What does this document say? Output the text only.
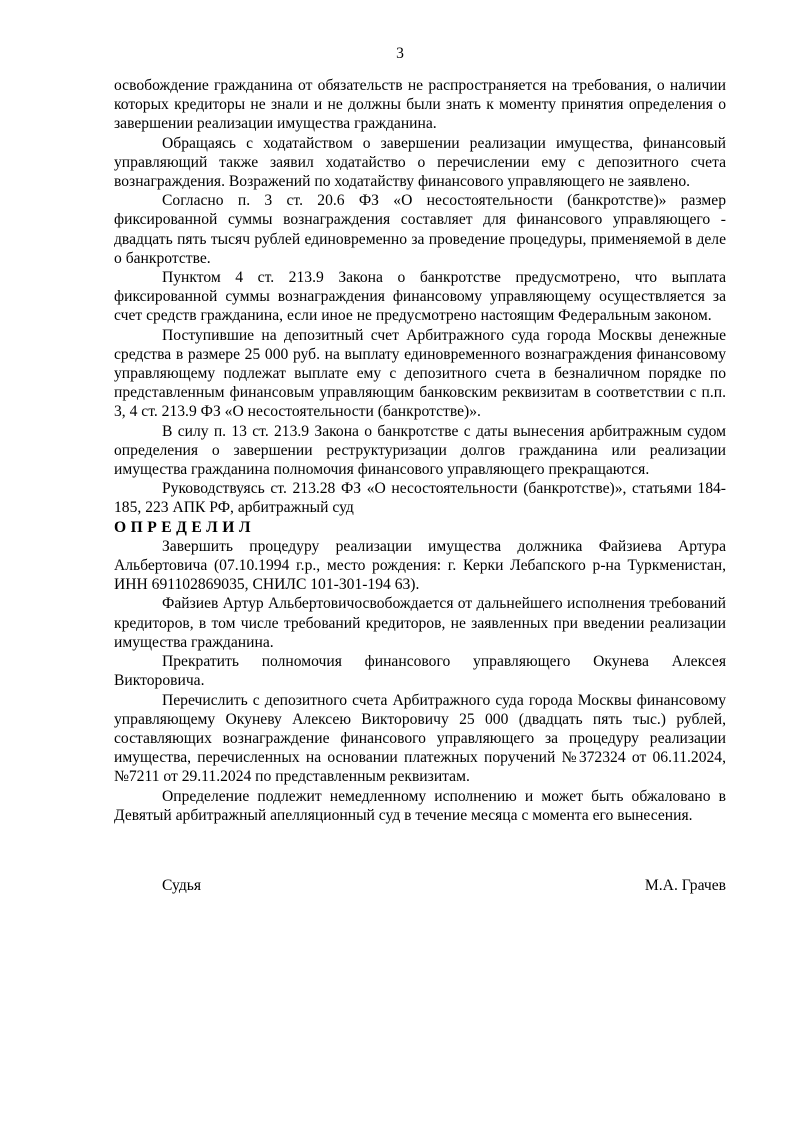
3

освобождение гражданина от обязательств не распространяется на требования, о наличии которых кредиторы не знали и не должны были знать к моменту принятия определения о завершении реализации имущества гражданина.

Обращаясь с ходатайством о завершении реализации имущества, финансовый управляющий также заявил ходатайство о перечислении ему с депозитного счета вознаграждения. Возражений по ходатайству финансового управляющего не заявлено.

Согласно п. 3 ст. 20.6 ФЗ «О несостоятельности (банкротстве)» размер фиксированной суммы вознаграждения составляет для финансового управляющего - двадцать пять тысяч рублей единовременно за проведение процедуры, применяемой в деле о банкротстве.

Пунктом 4 ст. 213.9 Закона о банкротстве предусмотрено, что выплата фиксированной суммы вознаграждения финансовому управляющему осуществляется за счет средств гражданина, если иное не предусмотрено настоящим Федеральным законом.

Поступившие на депозитный счет Арбитражного суда города Москвы денежные средства в размере 25 000 руб. на выплату единовременного вознаграждения финансовому управляющему подлежат выплате ему с депозитного счета в безналичном порядке по представленным финансовым управляющим банковским реквизитам в соответствии с п.п. 3, 4 ст. 213.9 ФЗ «О несостоятельности (банкротстве)».

В силу п. 13 ст. 213.9 Закона о банкротстве с даты вынесения арбитражным судом определения о завершении реструктуризации долгов гражданина или реализации имущества гражданина полномочия финансового управляющего прекращаются.

Руководствуясь ст. 213.28 ФЗ «О несостоятельности (банкротстве)», статьями 184-185, 223 АПК РФ, арбитражный суд

ОПРЕДЕЛИЛ

Завершить процедуру реализации имущества должника Файзиева Артура Альбертовича (07.10.1994 г.р., место рождения: г. Керки Лебапского р-на Туркменистан, ИНН 691102869035, СНИЛС 101-301-194 63).

Файзиев Артур Альбертовичосвобождается от дальнейшего исполнения требований кредиторов, в том числе требований кредиторов, не заявленных при введении реализации имущества гражданина.

Прекратить полномочия финансового управляющего Окунева Алексея Викторовича.

Перечислить с депозитного счета Арбитражного суда города Москвы финансовому управляющему Окуневу Алексею Викторовичу 25 000 (двадцать пять тыс.) рублей, составляющих вознаграждение финансового управляющего за процедуру реализации имущества, перечисленных на основании платежных поручений №372324 от 06.11.2024, №7211 от 29.11.2024 по представленным реквизитам.

Определение подлежит немедленному исполнению и может быть обжаловано в Девятый арбитражный апелляционный суд в течение месяца с момента его вынесения.

Судья	М.А. Грачев
